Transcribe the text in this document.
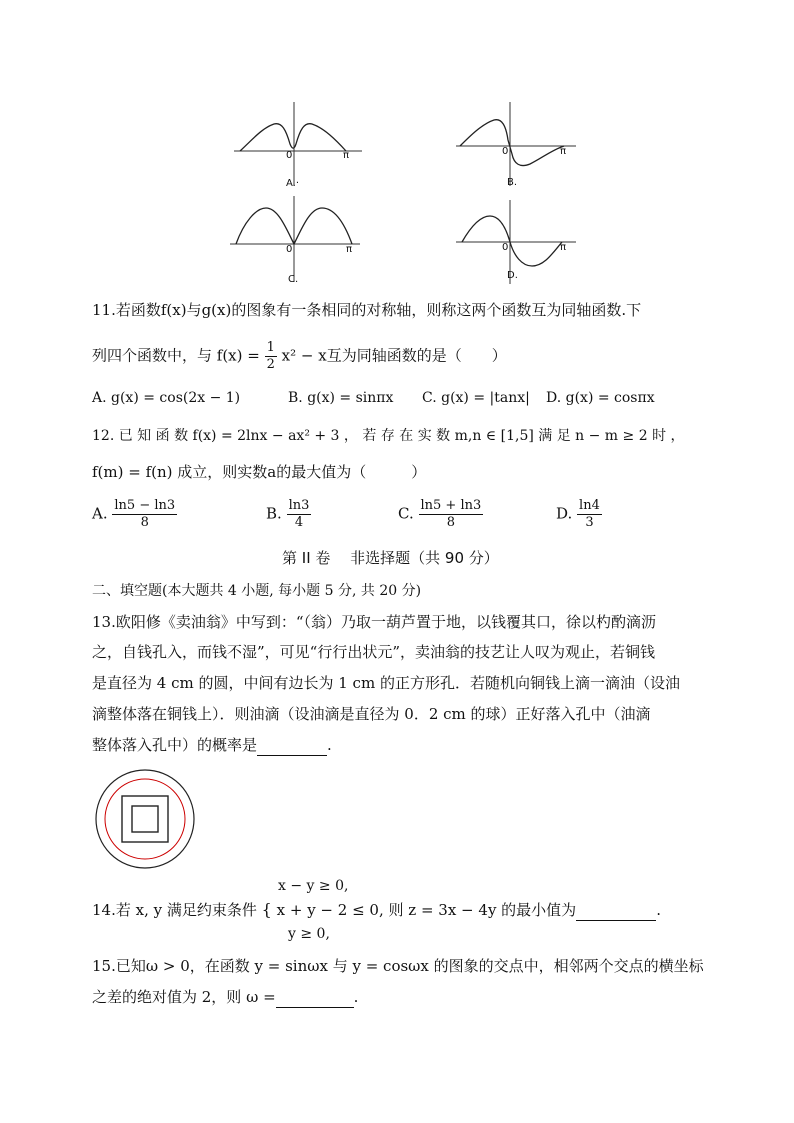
0	π
A.·
0	π
B.
0	π
C.
0	π
D.
11.若函数f(x)与g(x)的图象有一条相同的对称轴，则称这两个函数互为同轴函数.下
列四个函数中，与 $f(x) = \frac{1}{2} x^2 - x$互为同轴函数的是（　　）
A. g(x) = cos(2x − 1)	B. g(x) = sinπx C. g(x) = |tanx| D. g(x) = cosπx
12. 已 知 函 数 f(x) = 2lnx − ax² + 3 ， 若 存 在 实 数 m,n ∈ [1,5] 满 足 n − m ≥ 2 时 ，
f(m) = f(n) 成立，则实数a的最大值为（　　　）
A. $\frac{\ln 5 - \ln 3}{8}$	B. $\frac{\ln 3}{4}$	C. $\frac{\ln 5 + \ln 3}{8}$	D. $\frac{\ln 4}{3}$
第 II 卷　 非选择题（共 90 分）
二、填空题(本大题共 4 小题, 每小题 5 分, 共 20 分)
13.欧阳修《卖油翁》中写到：“（翁）乃取一葫芦置于地，以钱覆其口，徐以杓酌滴沥
之，自钱孔入，而钱不湿”，可见“行行出状元”，卖油翁的技艺让人叹为观止，若铜钱
是直径为 4 cm 的圆，中间有边长为 1 cm 的正方形孔．若随机向铜钱上滴一滴油（设油
滴整体落在铜钱上）．则油滴（设油滴是直径为 0．2 cm 的球）正好落入孔中（油滴
整体落入孔中）的概率是	.
x − y ≥ 0,
14.若 x, y 满足约束条件 { x + y − 2 ≤ 0, 则 z = 3x − 4y 的最小值为	.
y ≥ 0,
15.已知ω > 0，在函数 y = sinωx 与 y = cosωx 的图象的交点中，相邻两个交点的横坐标
之差的绝对值为 2，则 ω =	.
